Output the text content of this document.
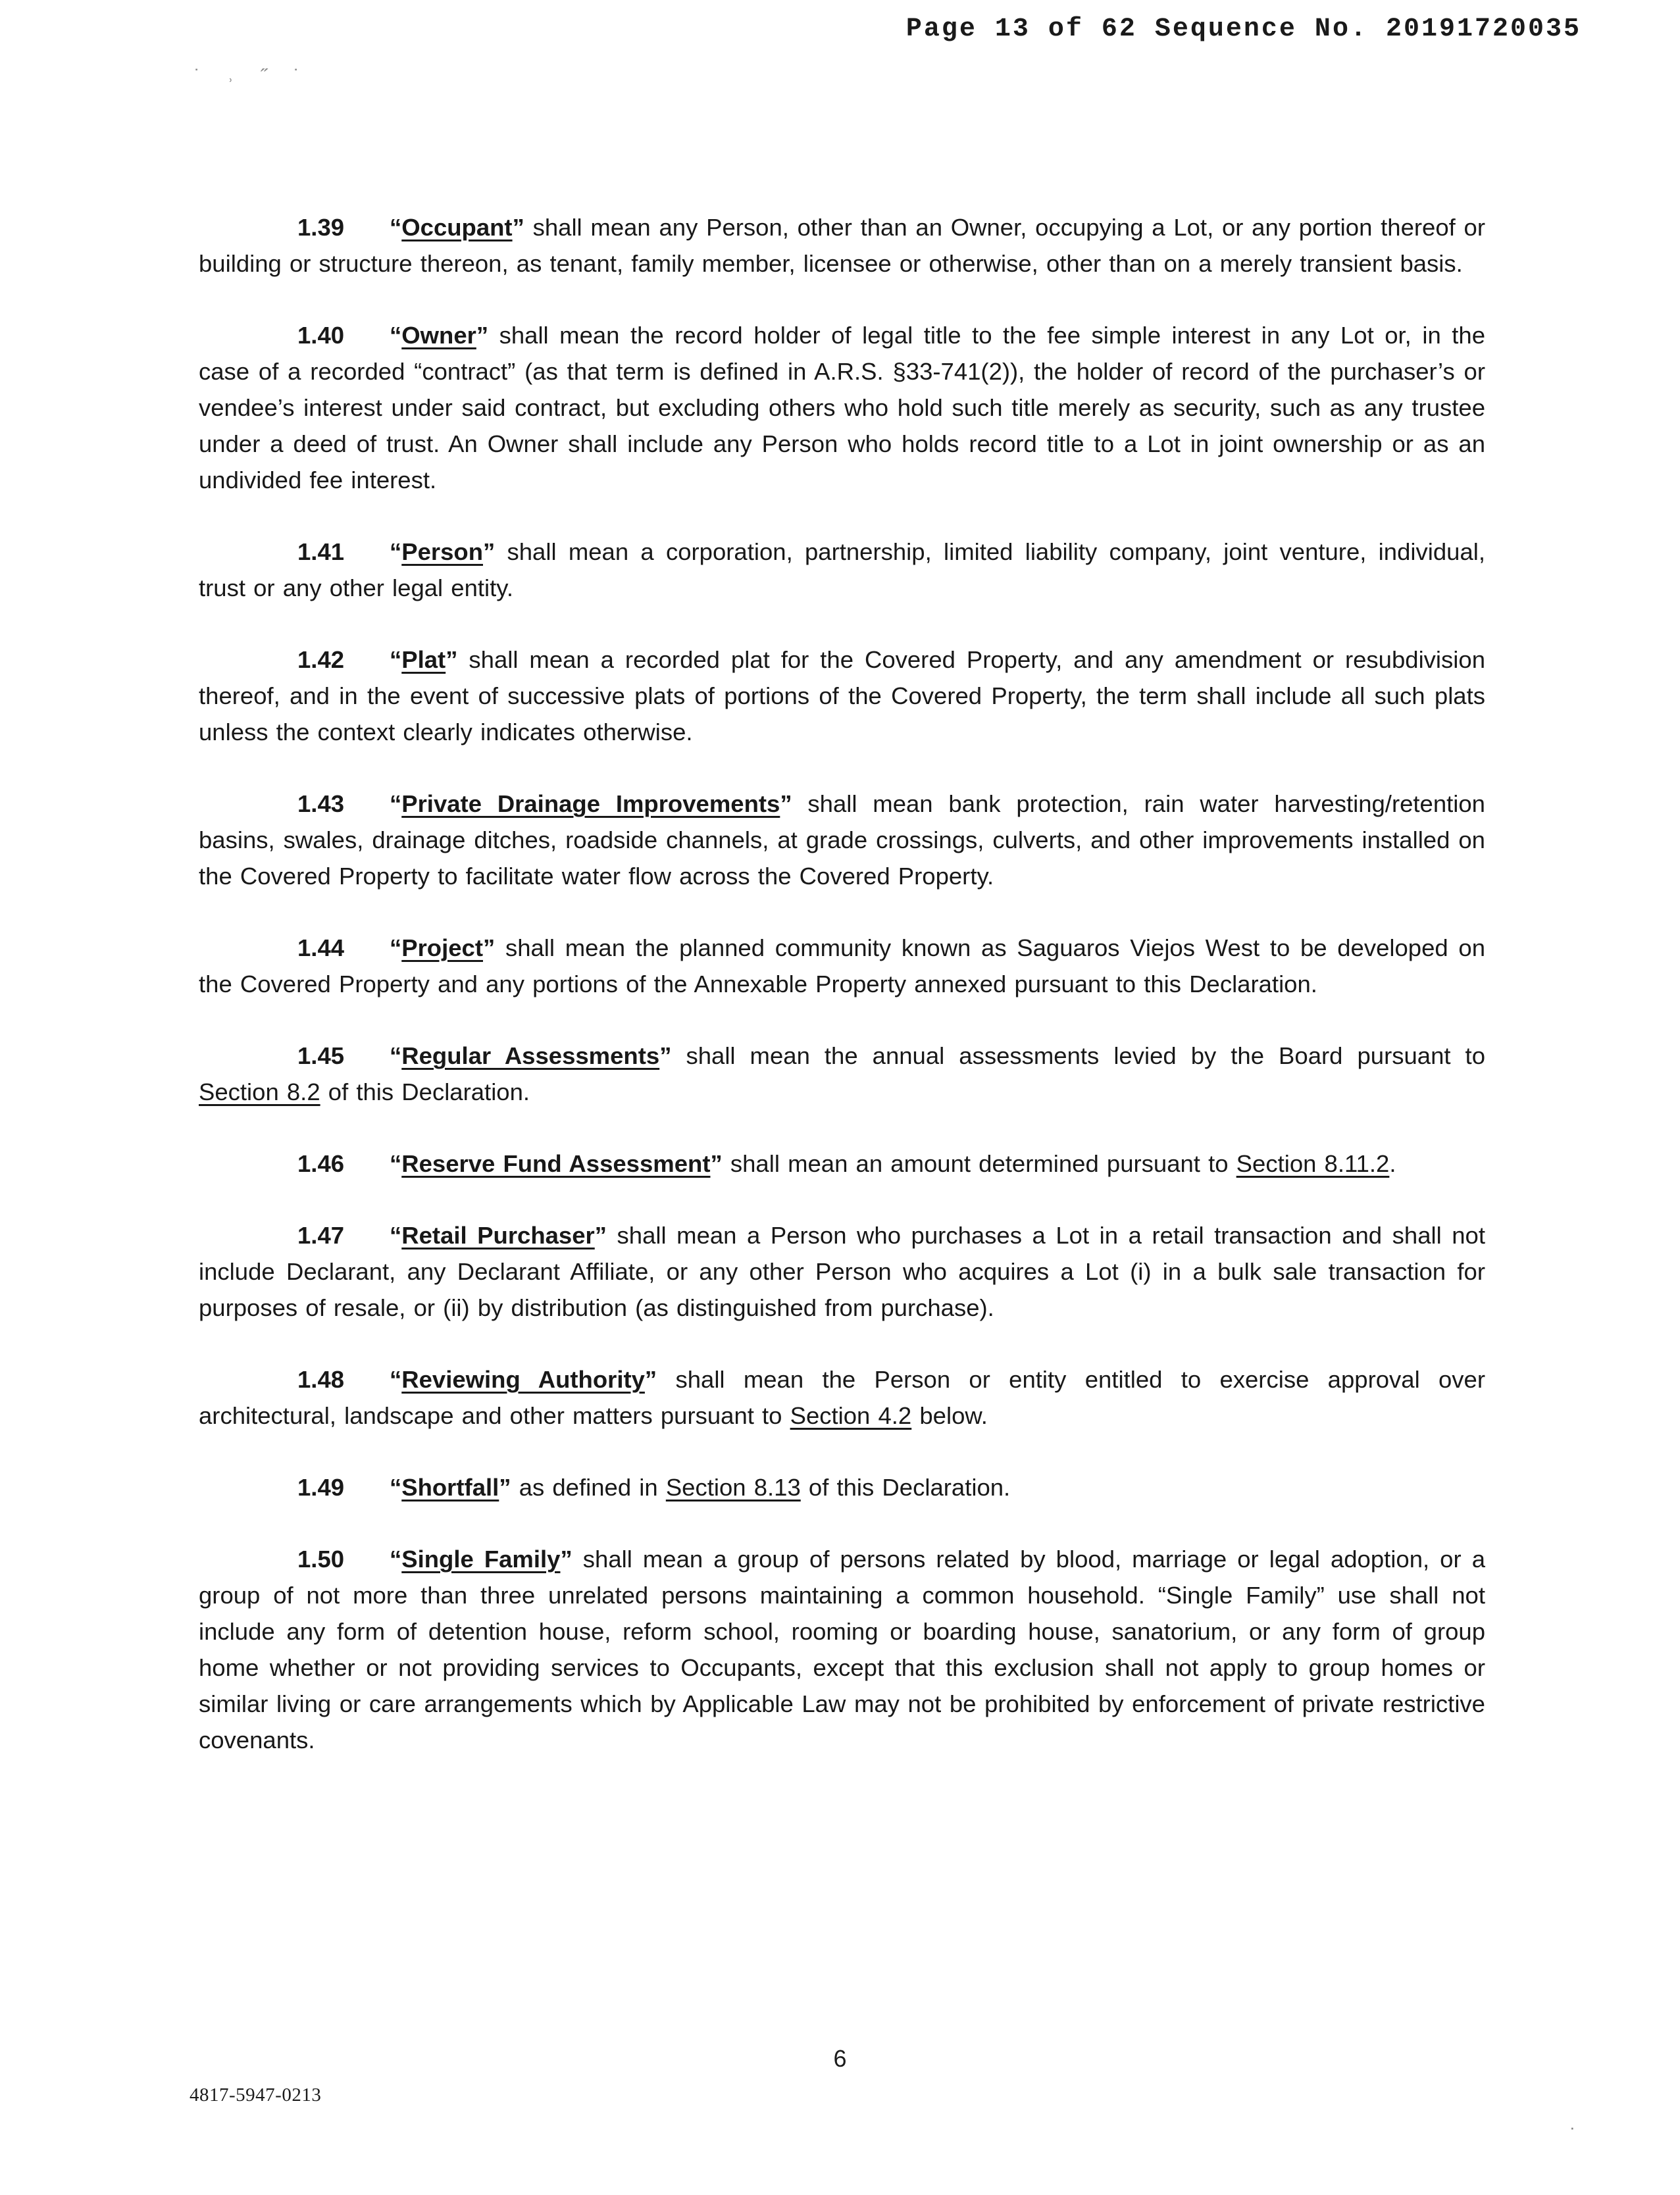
Page 13 of 62 Sequence No. 20191720035
˙ ˒ ˝ ˙

1.39 “Occupant” shall mean any Person, other than an Owner, occupying a Lot, or any portion thereof or building or structure thereon, as tenant, family member, licensee or otherwise, other than on a merely transient basis.

1.40 “Owner” shall mean the record holder of legal title to the fee simple interest in any Lot or, in the case of a recorded “contract” (as that term is defined in A.R.S. §33-741(2)), the holder of record of the purchaser’s or vendee’s interest under said contract, but excluding others who hold such title merely as security, such as any trustee under a deed of trust. An Owner shall include any Person who holds record title to a Lot in joint ownership or as an undivided fee interest.

1.41 “Person” shall mean a corporation, partnership, limited liability company, joint venture, individual, trust or any other legal entity.

1.42 “Plat” shall mean a recorded plat for the Covered Property, and any amendment or resubdivision thereof, and in the event of successive plats of portions of the Covered Property, the term shall include all such plats unless the context clearly indicates otherwise.

1.43 “Private Drainage Improvements” shall mean bank protection, rain water harvesting/retention basins, swales, drainage ditches, roadside channels, at grade crossings, culverts, and other improvements installed on the Covered Property to facilitate water flow across the Covered Property.

1.44 “Project” shall mean the planned community known as Saguaros Viejos West to be developed on the Covered Property and any portions of the Annexable Property annexed pursuant to this Declaration.

1.45 “Regular Assessments” shall mean the annual assessments levied by the Board pursuant to Section 8.2 of this Declaration.

1.46 “Reserve Fund Assessment” shall mean an amount determined pursuant to Section 8.11.2.

1.47 “Retail Purchaser” shall mean a Person who purchases a Lot in a retail transaction and shall not include Declarant, any Declarant Affiliate, or any other Person who acquires a Lot (i) in a bulk sale transaction for purposes of resale, or (ii) by distribution (as distinguished from purchase).

1.48 “Reviewing Authority” shall mean the Person or entity entitled to exercise approval over architectural, landscape and other matters pursuant to Section 4.2 below.

1.49 “Shortfall” as defined in Section 8.13 of this Declaration.

1.50 “Single Family” shall mean a group of persons related by blood, marriage or legal adoption, or a group of not more than three unrelated persons maintaining a common household. “Single Family” use shall not include any form of detention house, reform school, rooming or boarding house, sanatorium, or any form of group home whether or not providing services to Occupants, except that this exclusion shall not apply to group homes or similar living or care arrangements which by Applicable Law may not be prohibited by enforcement of private restrictive covenants.

6
4817-5947-0213
·
